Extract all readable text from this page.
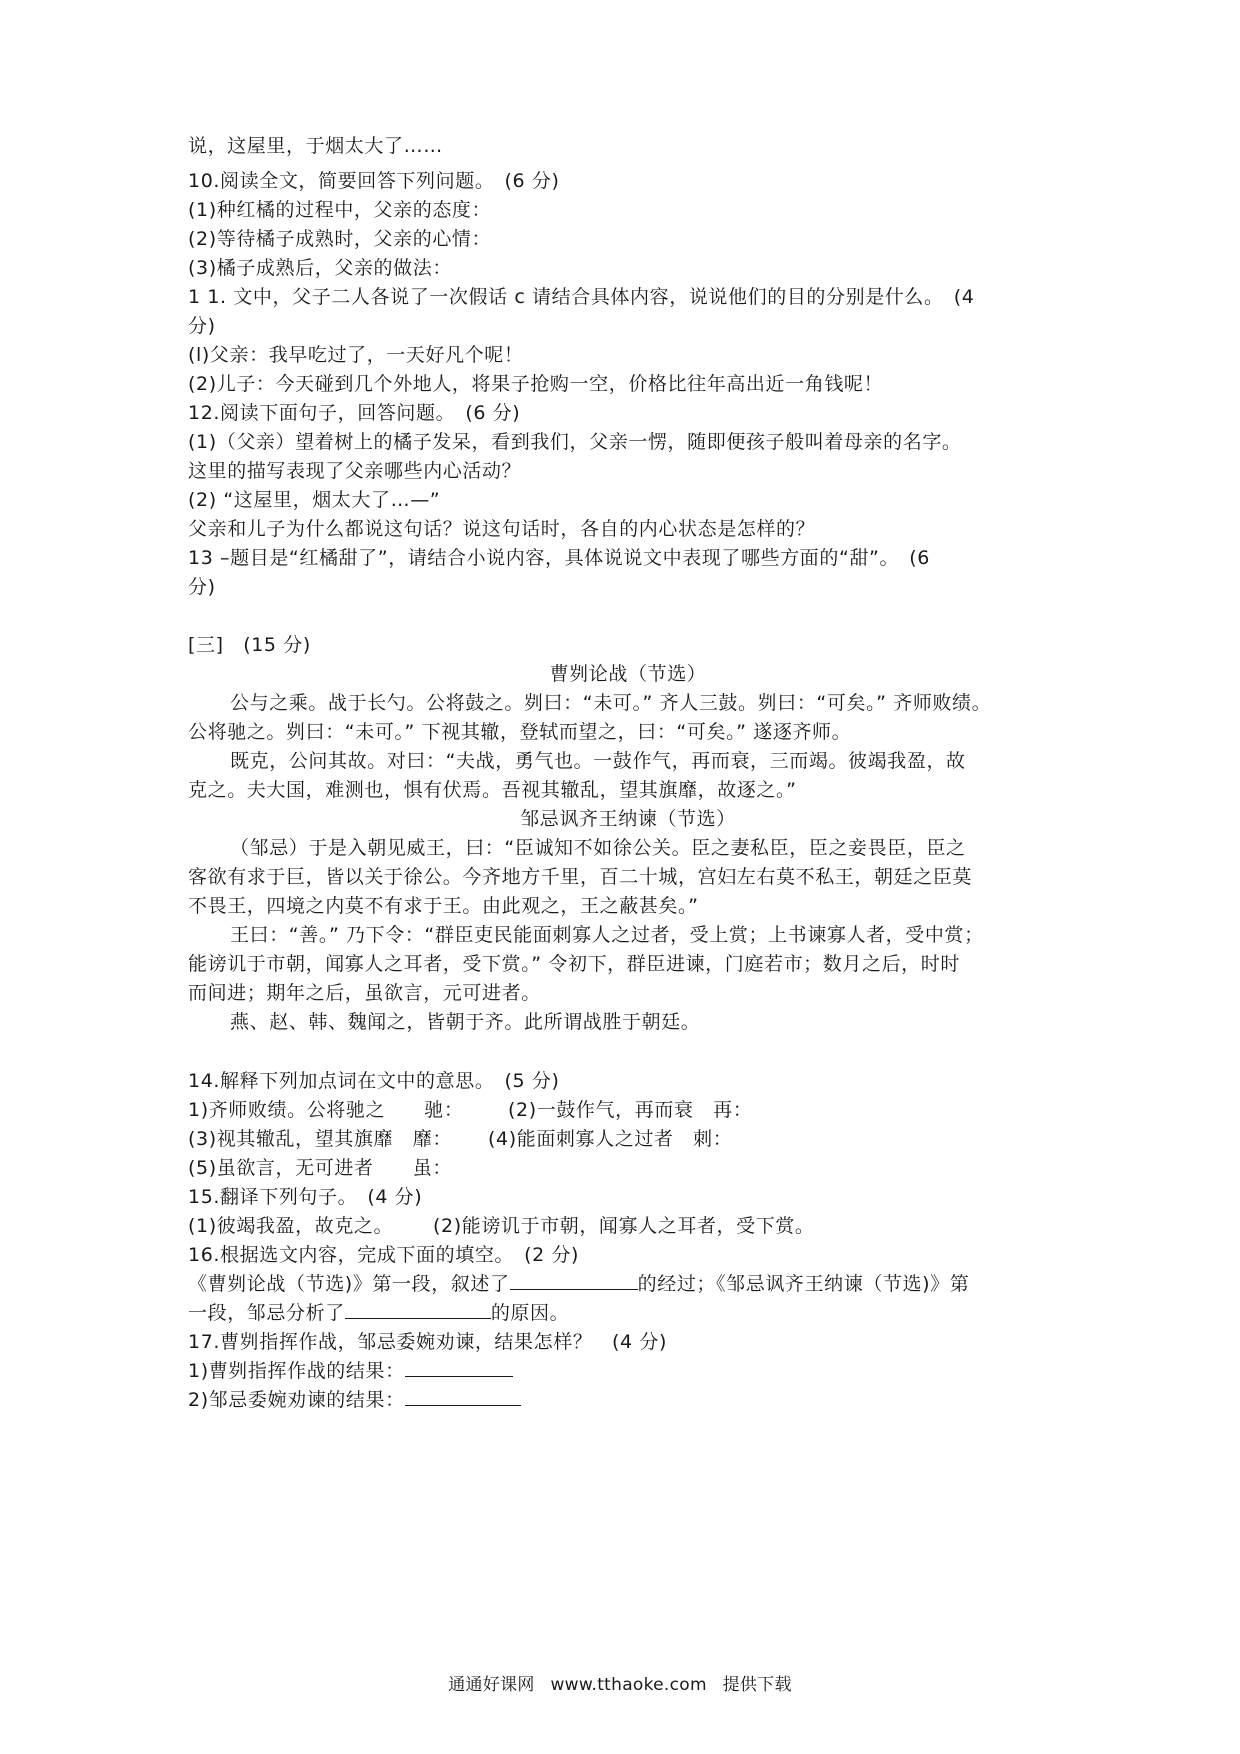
说，这屋里，于烟太大了……
10.阅读全文，简要回答下列问题。　(6 分)
(1)种红橘的过程中，父亲的态度：
(2)等待橘子成熟时，父亲的心情：
(3)橘子成熟后，父亲的做法：
1 1. 文中，父子二人各说了一次假话 c 请结合具体内容，说说他们的目的分别是什么。　(4
分)
(l)父亲：我早吃过了，一天好凡个呢！
(2)儿子：今天碰到几个外地人，将果子抢购一空，价格比往年高出近一角钱呢！
12.阅读下面句子，回答问题。　(6 分)
(1)（父亲）望着树上的橘子发呆，看到我们，父亲一愣，随即便孩子般叫着母亲的名字。
这里的描写表现了父亲哪些内心活动？
(2) “这屋里，烟太大了…—”
父亲和儿子为什么都说这句话？说这句话时，各自的内心状态是怎样的？
13 –题目是“红橘甜了”，请结合小说内容，具体说说文中表现了哪些方面的“甜”。　(6
分)
[三]　(15 分)
曹刿论战（节选）
公与之乘。战于长勺。公将鼓之。刿曰：“未可。” 齐人三鼓。刿曰：“可矣。” 齐师败绩。
公将驰之。刿曰：“未可。” 下视其辙，登轼而望之，曰：“可矣。” 遂逐齐师。
既克，公问其故。对曰：“夫战，勇气也。一鼓作气，再而衰，三而竭。彼竭我盈，故
克之。夫大国，难测也，惧有伏焉。吾视其辙乱，望其旗靡，故逐之。”
邹忌讽齐王纳谏（节选）
（邹忌）于是入朝见威王，曰：“臣诚知不如徐公关。臣之妻私臣，臣之妾畏臣，臣之
客欲有求于巨，皆以关于徐公。今齐地方千里，百二十城，宫妇左右莫不私王，朝廷之臣莫
不畏王，四境之内莫不有求于王。由此观之，王之蔽甚矣。”
王曰：“善。” 乃下令：“群臣吏民能面刺寡人之过者，受上赏；上书谏寡人者，受中赏；
能谤讥于市朝，闻寡人之耳者，受下赏。” 令初下，群臣进谏，门庭若市；数月之后，时时
而间进；期年之后，虽欲言，元可进者。
燕、赵、韩、魏闻之，皆朝于齐。此所谓战胜于朝廷。
14.解释下列加点词在文中的意思。　(5 分)
1)齐师败绩。公将驰之　　驰： (2)一鼓作气，再而衰　再：
(3)视其辙乱，望其旗靡　靡： (4)能面刺寡人之过者　刺：
(5)虽欲言，无可进者　　虽：
15.翻译下列句子。　(4 分)
(1)彼竭我盈，故克之。 (2)能谤讥于市朝，闻寡人之耳者，受下赏。
16.根据选文内容，完成下面的填空。　(2 分)
《曹刿论战（节选)》第一段，叙述了	的经过；《邹忌讽齐王纳谏（节选)》第
一段，邹忌分析了	的原因。
17.曹刿指挥作战，邹忌委婉劝谏，结果怎样？　(4 分)
1)曹刿指挥作战的结果：
2)邹忌委婉劝谏的结果：
通通好课网 www.tthaoke.com 提供下载
